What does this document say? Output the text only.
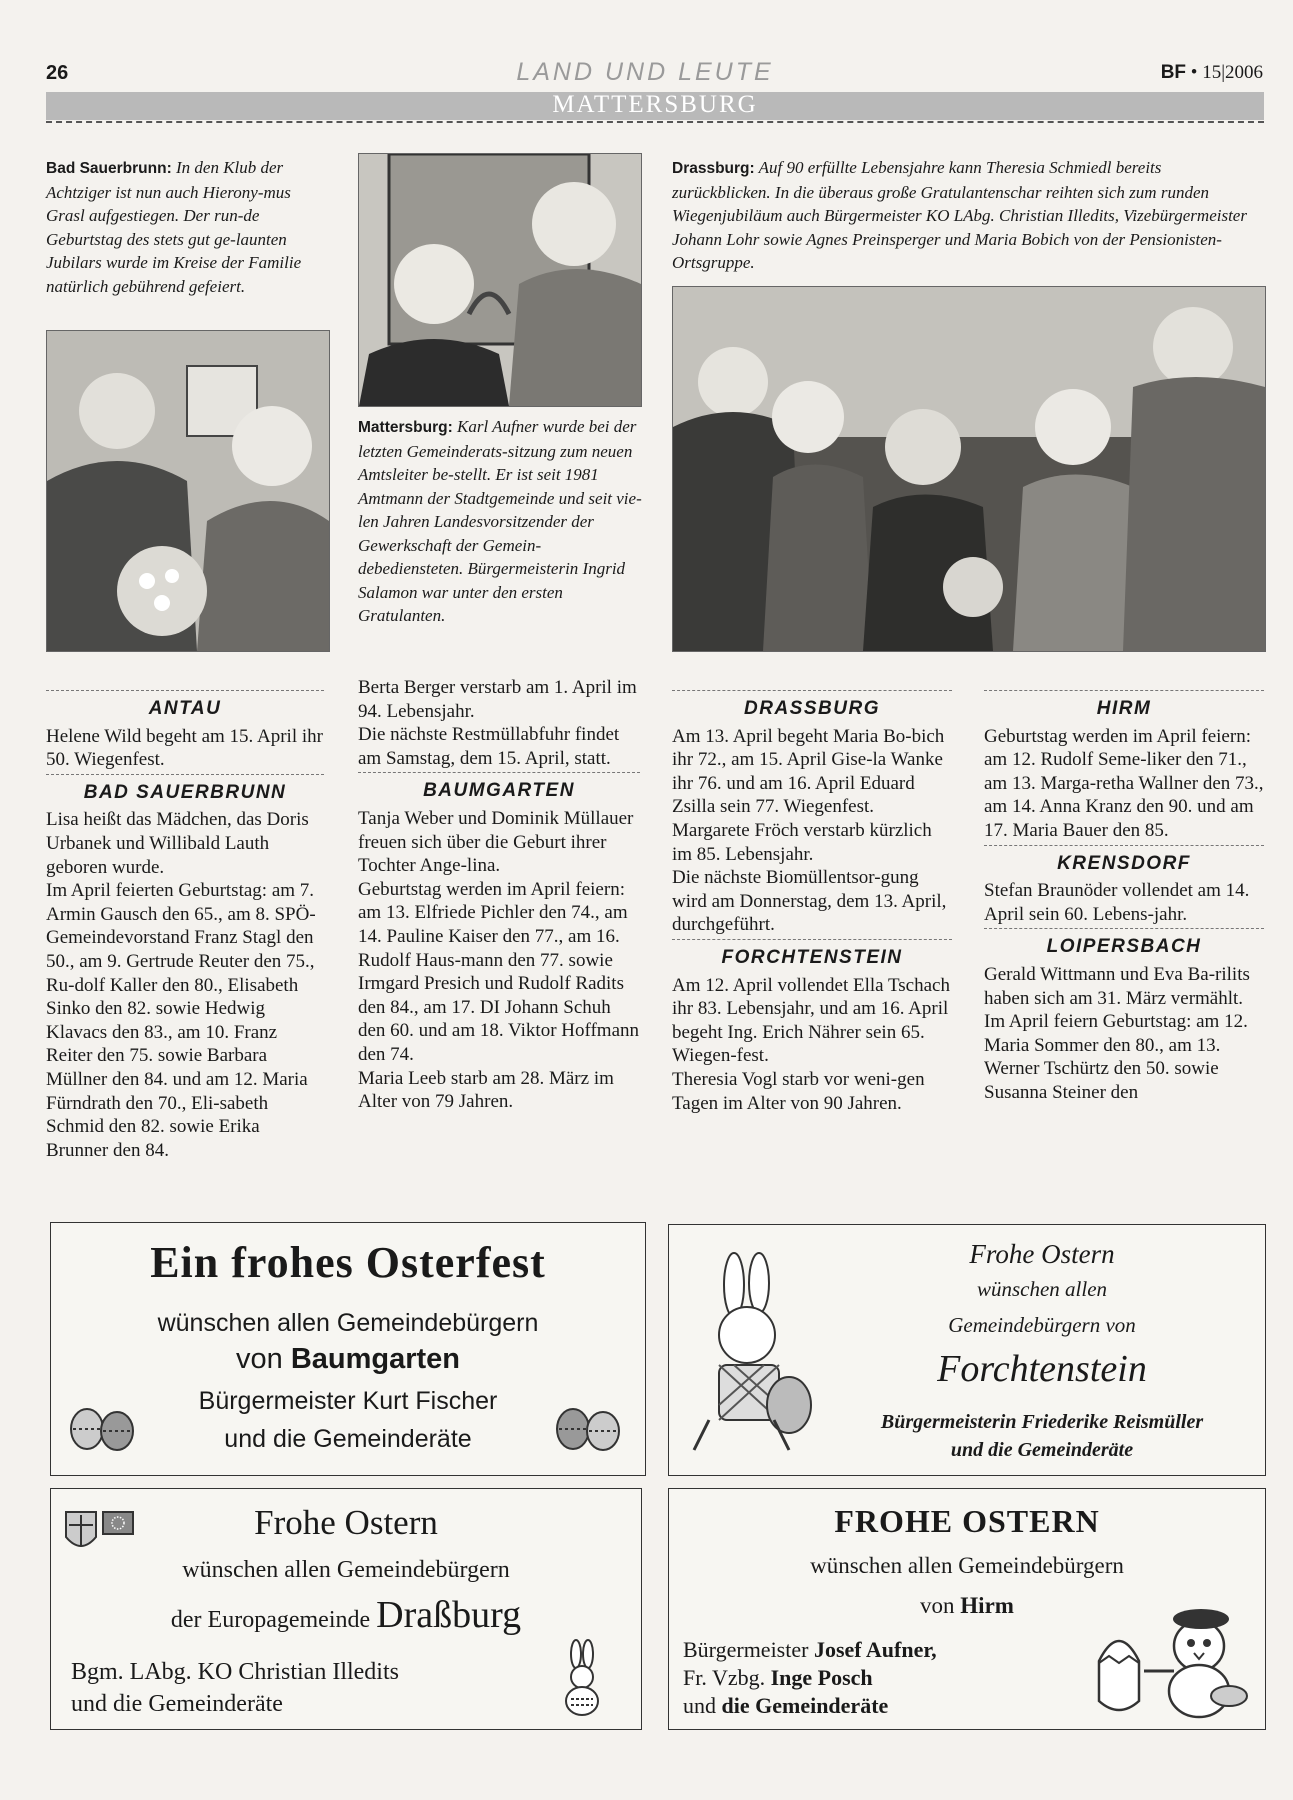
26	LAND UND LEUTE	BF • 15|2006
MATTERSBURG
Bad Sauerbrunn: In den Klub der Achtziger ist nun auch Hierony-mus Grasl aufgestiegen. Der run-de Geburtstag des stets gut ge-launten Jubilars wurde im Kreise der Familie natürlich gebührend gefeiert.
Mattersburg: Karl Aufner wurde bei der letzten Gemeinderats-sitzung zum neuen Amtsleiter be-stellt. Er ist seit 1981 Amtmann der Stadtgemeinde und seit vie-len Jahren Landesvorsitzender der Gewerkschaft der Gemein-debediensteten. Bürgermeisterin Ingrid Salamon war unter den ersten Gratulanten.
Drassburg: Auf 90 erfüllte Lebensjahre kann Theresia Schmiedl bereits zurückblicken. In die überaus große Gratulantenschar reihten sich zum runden Wiegenjubiläum auch Bürgermeister KO LAbg. Christian Illedits, Vizebürgermeister Johann Lohr sowie Agnes Preinsperger und Maria Bobich von der Pensionisten-Ortsgruppe.
ANTAU

Helene Wild begeht am 15. April ihr 50. Wiegenfest.

BAD SAUERBRUNN

Lisa heißt das Mädchen, das Doris Urbanek und Willibald Lauth geboren wurde.

Im April feierten Geburtstag: am 7. Armin Gausch den 65., am 8. SPÖ-Gemeindevorstand Franz Stagl den 50., am 9. Gertrude Reuter den 75., Ru-dolf Kaller den 80., Elisabeth Sinko den 82. sowie Hedwig Klavacs den 83., am 10. Franz Reiter den 75. sowie Barbara Müllner den 84. und am 12. Maria Fürndrath den 70., Eli-sabeth Schmid den 82. sowie Erika Brunner den 84.

Berta Berger verstarb am 1. April im 94. Lebensjahr.

Die nächste Restmüllabfuhr findet am Samstag, dem 15. April, statt.

BAUMGARTEN

Tanja Weber und Dominik Müllauer freuen sich über die Geburt ihrer Tochter Ange-lina.

Geburtstag werden im April feiern: am 13. Elfriede Pichler den 74., am 14. Pauline Kaiser den 77., am 16. Rudolf Haus-mann den 77. sowie Irmgard Presich und Rudolf Radits den 84., am 17. DI Johann Schuh den 60. und am 18. Viktor Hoffmann den 74.

Maria Leeb starb am 28. März im Alter von 79 Jahren.

DRASSBURG

Am 13. April begeht Maria Bo-bich ihr 72., am 15. April Gise-la Wanke ihr 76. und am 16. April Eduard Zsilla sein 77. Wiegenfest.

Margarete Fröch verstarb kürzlich im 85. Lebensjahr.

Die nächste Biomüllentsor-gung wird am Donnerstag, dem 13. April, durchgeführt.

FORCHTENSTEIN

Am 12. April vollendet Ella Tschach ihr 83. Lebensjahr, und am 16. April begeht Ing. Erich Nährer sein 65. Wiegen-fest.

Theresia Vogl starb vor weni-gen Tagen im Alter von 90 Jahren.

HIRM

Geburtstag werden im April feiern: am 12. Rudolf Seme-liker den 71., am 13. Marga-retha Wallner den 73., am 14. Anna Kranz den 90. und am 17. Maria Bauer den 85.

KRENSDORF

Stefan Braunöder vollendet am 14. April sein 60. Lebens-jahr.

LOIPERSBACH

Gerald Wittmann und Eva Ba-rilits haben sich am 31. März vermählt.

Im April feiern Geburtstag: am 12. Maria Sommer den 80., am 13. Werner Tschürtz den 50. sowie Susanna Steiner den

Ein frohes Osterfest
wünschen allen Gemeindebürgern
von Baumgarten
Bürgermeister Kurt Fischer
und die Gemeinderäte
Frohe Ostern
wünschen allen
Gemeindebürgern von
Forchtenstein
Bürgermeisterin Friederike Reismüller
und die Gemeinderäte
Frohe Ostern
wünschen allen Gemeindebürgern
der Europagemeinde Draßburg
Bgm. LAbg. KO Christian Illedits
und die Gemeinderäte
FROHE OSTERN
wünschen allen Gemeindebürgern
von Hirm
Bürgermeister Josef Aufner,
Fr. Vzbg. Inge Posch
und die Gemeinderäte
